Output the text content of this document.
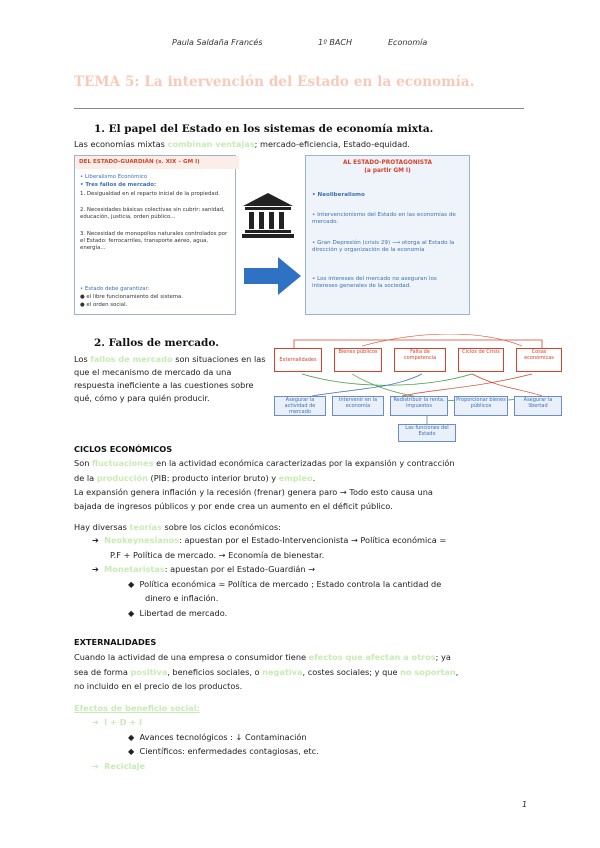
Paula Saldaña Francés	1º BACH	Economía
TEMA 5: La intervención del Estado en la economía.
1. El papel del Estado en los sistemas de economía mixta.
Las economías mixtas combinan ventajas; mercado-eficiencia, Estado-equidad.
DEL ESTADO-GUARDIÁN (s. XIX – GM I)
• Liberalismo Económico
• Tres fallos de mercado:
1. Desigualdad en el reparto inicial de la propiedad.
2. Necesidades básicas colectivas sin cubrir: sanidad, educación, justicia, orden público...
3. Necesidad de monopolios naturales controlados por el Estado: ferrocarriles, transporte aéreo, agua, energía...
• Estado debe garantizar:
● el libre funcionamiento del sistema.
● el orden social.
AL ESTADO-PROTAGONISTA
(a partir GM I)
• Neoliberalismo
• Intervencionismo del Estado en las economías de mercado.
• Gran Depresión (crisis 29) ⟶ otorga al Estado la dirección y organización de la economía
• Los intereses del mercado no aseguran los intereses generales de la sociedad.
2. Fallos de mercado.
Los fallos de mercado son situaciones en las que el mecanismo de mercado da una respuesta ineficiente a las cuestiones sobre qué, cómo y para quién producir.
Externalidades
Bienes públicos	Falta de competencia
Ciclos de Crisis	Cosas económicas
Asegurar la actividad de mercado
Intervenir en la economía
Redistribuir la renta, impuestos
Proporcionar bienes públicos
Asegurar la libertad
Las funciones del Estado
CICLOS ECONÓMICOS
Son fluctuaciones en la actividad económica caracterizadas por la expansión y contracción
de la producción (PIB: producto interior bruto) y empleo.
La expansión genera inflación y la recesión (frenar) genera paro → Todo esto causa una
bajada de ingresos públicos y por ende crea un aumento en el déficit público.
Hay diversas teorías sobre los ciclos económicos:
➔ Neokeynesianos: apuestan por el Estado-Intervencionista → Política económica =
P.F + Política de mercado. → Economía de bienestar.
➔ Monetaristas: apuestan por el Estado-Guardián →
◆ Política económica = Política de mercado ; Estado controla la cantidad de
dinero e inflación.
◆ Libertad de mercado.
EXTERNALIDADES
Cuando la actividad de una empresa o consumidor tiene efectos que afectan a otros; ya
sea de forma positiva, beneficios sociales, o negativa, costes sociales; y que no soportan,
no incluido en el precio de los productos.
Efectos de beneficio social:
➔ I + D + I
◆ Avances tecnológicos : ↓ Contaminación
◆ Científicos: enfermedades contagiosas, etc.
➔ Reciclaje
1
